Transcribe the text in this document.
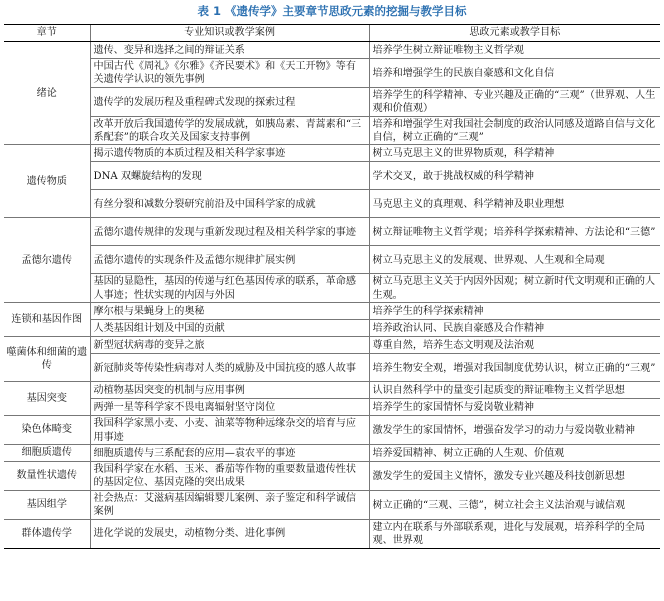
表 1 《遗传学》主要章节思政元素的挖掘与教学目标
章节	专业知识或教学案例	思政元素或教学目标
绪论	遗传、变异和选择之间的辩证关系	培养学生树立辩证唯物主义哲学观
	中国古代《周礼》《尔雅》《齐民要术》和《天工开物》等有关遗传学认识的领先事例	培养和增强学生的民族自豪感和文化自信
	遗传学的发展历程及重程碑式发现的探索过程	培养学生的科学精神、专业兴趣及正确的“三观”（世界观、人生观和价值观）
	改革开放后我国遗传学的发展成就，如胰岛素、青蒿素和“三系配套”的联合攻关及国家支持事例	培养和增强学生对我国社会制度的政治认同感及道路自信与文化自信，树立正确的“三观”
遗传物质	揭示遗传物质的本质过程及相关科学家事迹	树立马克思主义的世界物质观，科学精神
	DNA 双螺旋结构的发现	学术交叉，敢于挑战权威的科学精神
	有丝分裂和减数分裂研究前沿及中国科学家的成就	马克思主义的真理观、科学精神及职业理想
孟德尔遗传	孟德尔遗传规律的发现与重新发现过程及相关科学家的事迹	树立辩证唯物主义哲学观；培养科学探索精神、方法论和“三德”
	孟德尔遗传的实现条件及孟德尔规律扩展实例	树立马克思主义的发展观、世界观、人生观和全局观
	基因的显隐性，基因的传递与红色基因传承的联系，革命感人事迹；性状实现的内因与外因	树立马克思主义关于内因外因观；树立新时代文明观和正确的人生观。
连锁和基因作图	摩尔根与果蝇身上的奥秘	培养学生的科学探索精神
	人类基因组计划及中国的贡献	培养政治认同、民族自豪感及合作精神
噬菌体和细菌的遗传	新型冠状病毒的变异之旅	尊重自然，培养生态文明观及法治观
	新冠肺炎等传染性病毒对人类的威胁及中国抗疫的感人故事	培养生物安全观，增强对我国制度优势认识，树立正确的“三观”
基因突变	动植物基因突变的机制与应用事例	认识自然科学中的量变引起质变的辩证唯物主义哲学思想
	两弹一星等科学家不畏电离辐射坚守岗位	培养学生的家国情怀与爱岗敬业精神
染色体畸变	我国科学家黑小麦、小麦、油菜等物种远缘杂交的培育与应用事迹	激发学生的家国情怀，增强奋发学习的动力与爱岗敬业精神
细胞质遗传	细胞质遗传与三系配套的应用—袁农平的事迹	培养爱国精神、树立正确的人生观、价值观
数量性状遗传	我国科学家在水稻、玉米、番茄等作物的重要数量遗传性状的基因定位、基因克隆的突出成果	激发学生的爱国主义情怀，激发专业兴趣及科技创新思想
基因组学	社会热点：艾滋病基因编辑婴儿案例、亲子鉴定和科学诚信案例	树立正确的“三观、三德”，树立社会主义法治观与诚信观
群体遗传学	进化学说的发展史，动植物分类、进化事例	建立内在联系与外部联系观，进化与发展观，培养科学的全局观、世界观
